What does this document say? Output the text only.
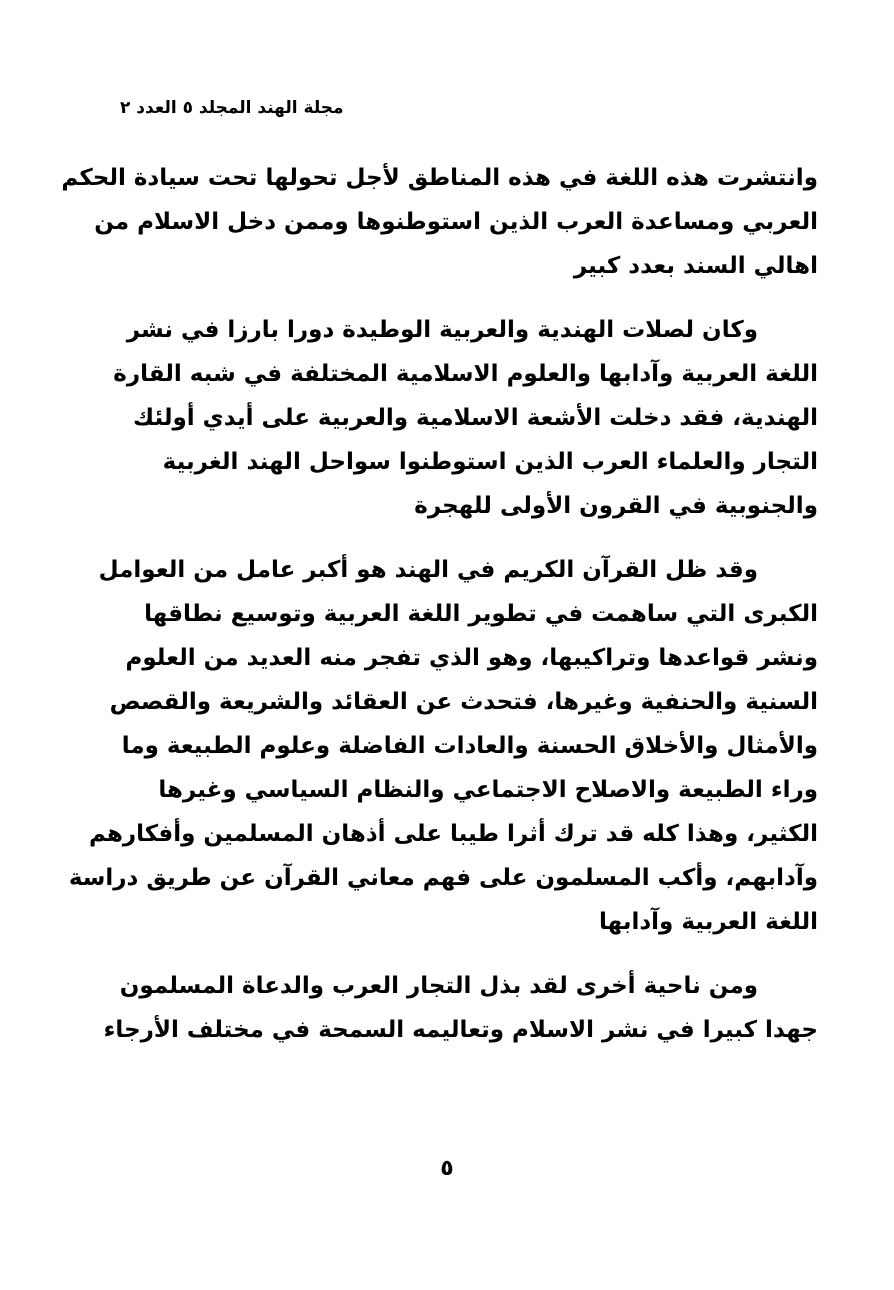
مجلة الهند المجلد ٥ العدد ٢

وانتشرت هذه اللغة في هذه المناطق لأجل تحولها تحت سيادة الحكم
العربي ومساعدة العرب الذين استوطنوها وممن دخل الاسلام من
اهالي السند بعدد كبير

وكان لصلات الهندية والعربية الوطيدة دورا بارزا في نشر
اللغة العربية وآدابها والعلوم الاسلامية المختلفة في شبه القارة
الهندية، فقد دخلت الأشعة الاسلامية والعربية على أيدي أولئك
التجار والعلماء العرب الذين استوطنوا سواحل الهند الغربية
والجنوبية في القرون الأولى للهجرة

وقد ظل القرآن الكريم في الهند هو أكبر عامل من العوامل
الكبرى التي ساهمت في تطوير اللغة العربية وتوسيع نطاقها
ونشر قواعدها وتراكيبها، وهو الذي تفجر منه العديد من العلوم
السنية والحنفية وغيرها، فتحدث عن العقائد والشريعة والقصص
والأمثال والأخلاق الحسنة والعادات الفاضلة وعلوم الطبيعة وما
وراء الطبيعة والاصلاح الاجتماعي والنظام السياسي وغيرها
الكثير، وهذا كله قد ترك أثرا طيبا على أذهان المسلمين وأفكارهم
وآدابهم، وأكب المسلمون على فهم معاني القرآن عن طريق دراسة
اللغة العربية وآدابها

ومن ناحية أخرى لقد بذل التجار العرب والدعاة المسلمون
جهدا كبيرا في نشر الاسلام وتعاليمه السمحة في مختلف الأرجاء

٥
